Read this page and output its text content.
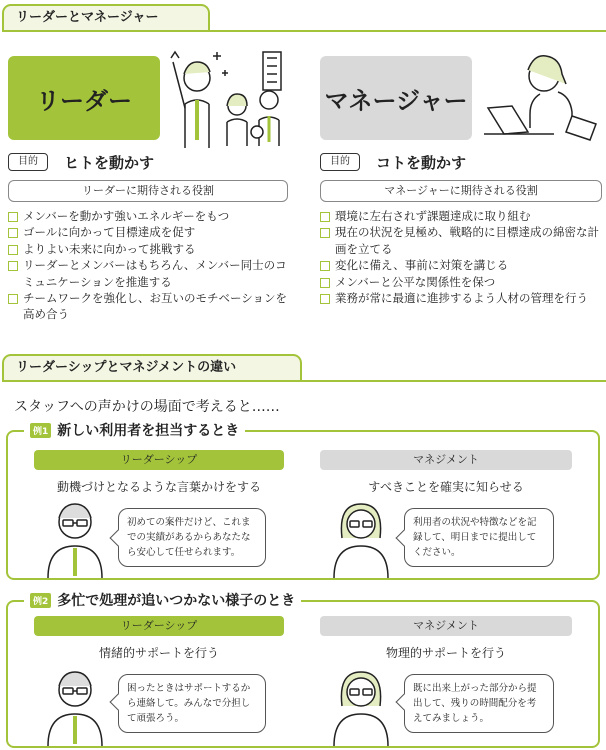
リーダーとマネージャー
リーダー	マネージャー
目的	ヒトを動かす	目的	コトを動かす
リーダーに期待される役割	マネージャーに期待される役割
メンバーを動かす強いエネルギーをもつ
ゴールに向かって目標達成を促す
よりよい未来に向かって挑戦する
リーダーとメンバーはもちろん、メンバー同士のコミュニケーションを推進する
チームワークを強化し、お互いのモチベーションを高め合う
環境に左右されず課題達成に取り組む
現在の状況を見極め、戦略的に目標達成の綿密な計画を立てる
変化に備え、事前に対策を講じる
メンバーと公平な関係性を保つ
業務が常に最適に進捗するよう人材の管理を行う
リーダーシップとマネジメントの違い
スタッフへの声かけの場面で考えると……
例1 新しい利用者を担当するとき
リーダーシップ	マネジメント
動機づけとなるような言葉かけをする	すべきことを確実に知らせる
初めての案件だけど、これまでの実績があるからあなたなら安心して任せられます。
利用者の状況や特徴などを記録して、明日までに提出してください。
例2 多忙で処理が追いつかない様子のとき
リーダーシップ	マネジメント
情緒的サポートを行う	物理的サポートを行う
困ったときはサポートするから連絡して。みんなで分担して頑張ろう。
既に出来上がった部分から提出して、残りの時間配分を考えてみましょう。
